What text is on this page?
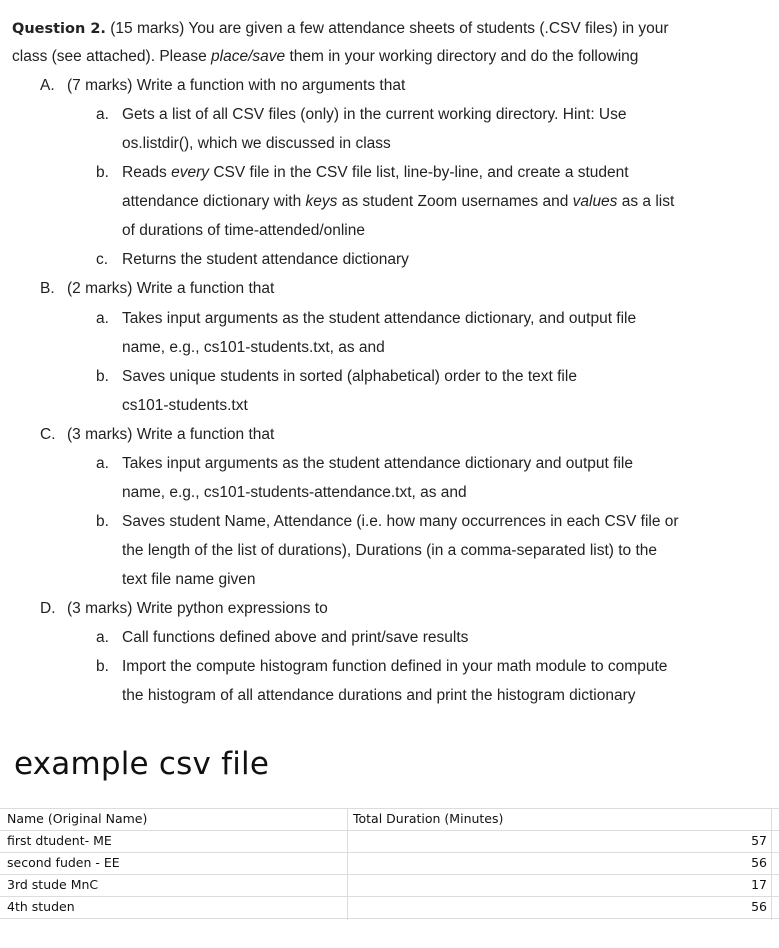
Question 2. (15 marks) You are given a few attendance sheets of students (.CSV files) in your
class (see attached). Please place/save them in your working directory and do the following
A. (7 marks) Write a function with no arguments that
a. Gets a list of all CSV files (only) in the current working directory. Hint: Use
os.listdir(), which we discussed in class
b. Reads every CSV file in the CSV file list, line-by-line, and create a student
attendance dictionary with keys as student Zoom usernames and values as a list
of durations of time-attended/online
c. Returns the student attendance dictionary
B. (2 marks) Write a function that
a. Takes input arguments as the student attendance dictionary, and output file
name, e.g., cs101-students.txt, as and
b. Saves unique students in sorted (alphabetical) order to the text file
cs101-students.txt
C. (3 marks) Write a function that
a. Takes input arguments as the student attendance dictionary and output file
name, e.g., cs101-students-attendance.txt, as and
b. Saves student Name, Attendance (i.e. how many occurrences in each CSV file or
the length of the list of durations), Durations (in a comma-separated list) to the
text file name given
D. (3 marks) Write python expressions to
a. Call functions defined above and print/save results
b. Import the compute histogram function defined in your math module to compute
the histogram of all attendance durations and print the histogram dictionary
example csv file
Name (Original Name)	Total Duration (Minutes)
first dtudent- ME	57
second fuden - EE	56
3rd stude MnC	17
4th studen	56
